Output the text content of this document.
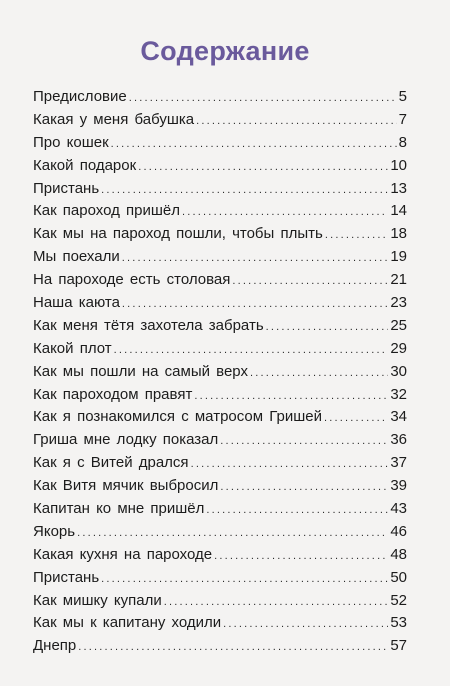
Содержание
Предисловие .....	5
Какая у меня бабушка .....	7
Про кошек .....	8
Какой подарок .....	10
Пристань .....	13
Как пароход пришёл .....	14
Как мы на пароход пошли, чтобы плыть .....	18
Мы поехали .....	19
На пароходе есть столовая .....	21
Наша каюта .....	23
Как меня тётя захотела забрать .....	25
Какой плот .....	29
Как мы пошли на самый верх .....	30
Как пароходом правят .....	32
Как я познакомился с матросом Гришей .....	34
Гриша мне лодку показал .....	36
Как я с Витей дрался .....	37
Как Витя мячик выбросил .....	39
Капитан ко мне пришёл .....	43
Якорь .....	46
Какая кухня на пароходе .....	48
Пристань .....	50
Как мишку купали .....	52
Как мы к капитану ходили .....	53
Днепр .....	57
